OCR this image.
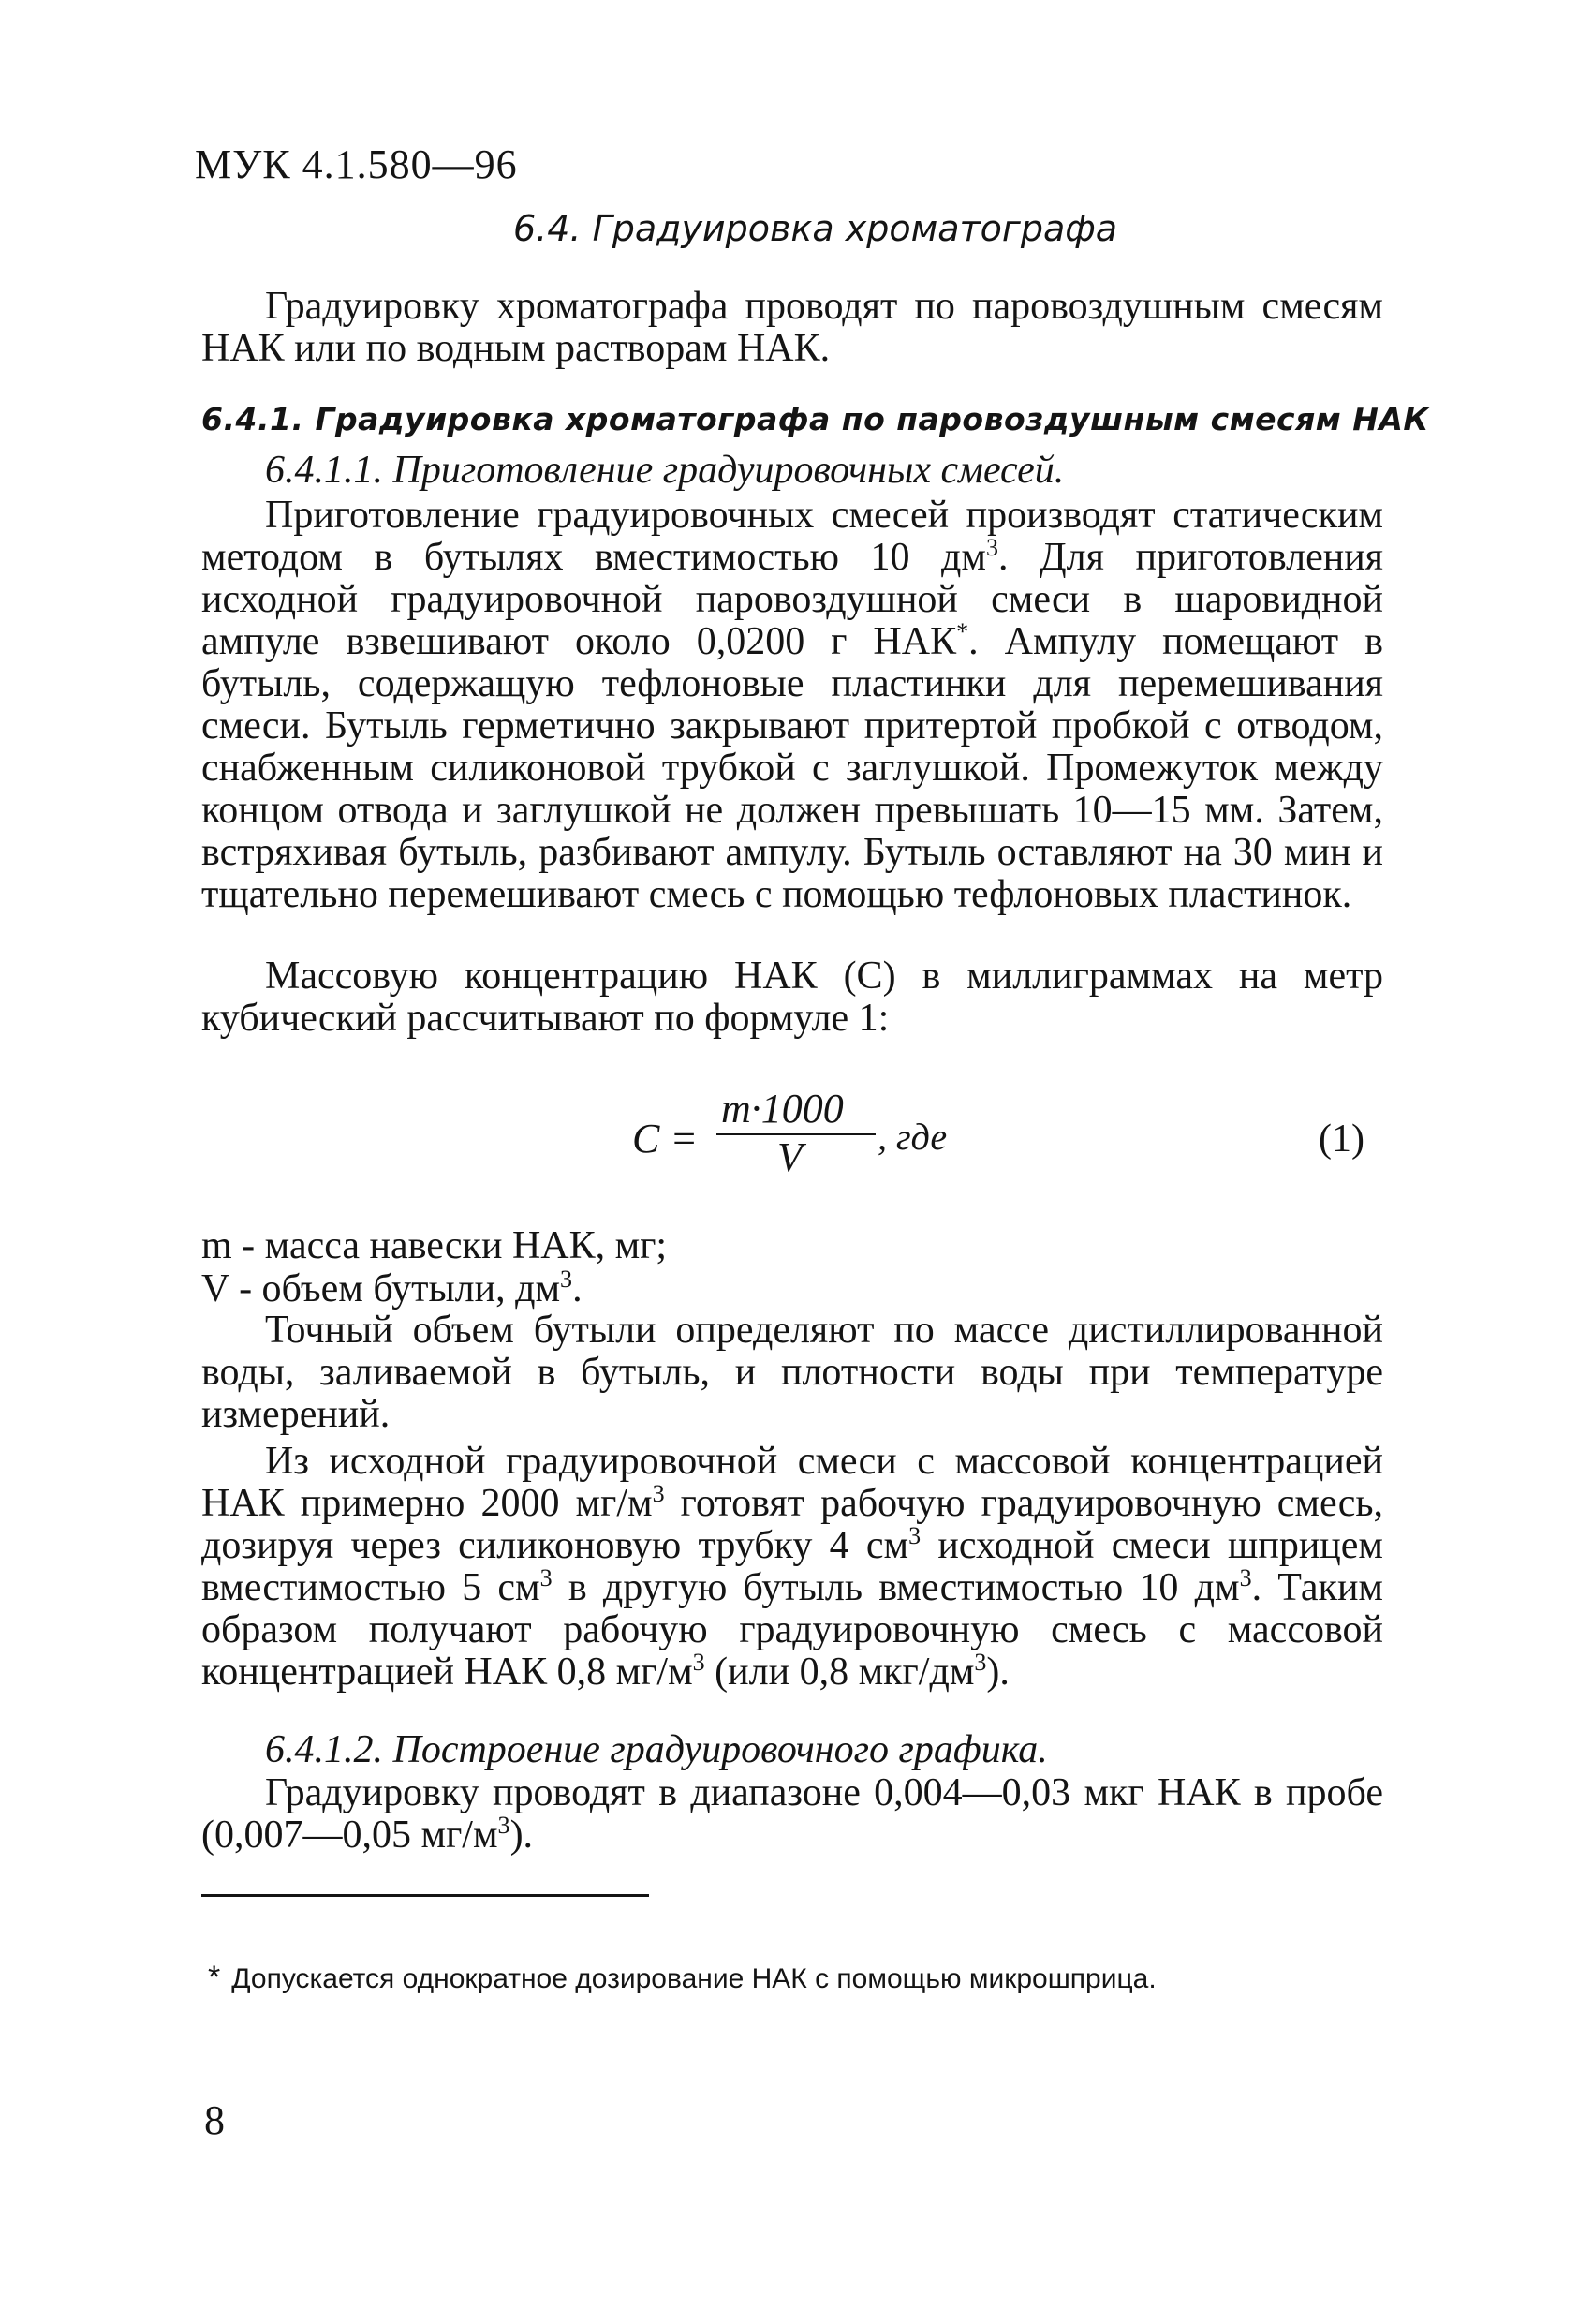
МУК 4.1.580—96
6.4. Градуировка хроматографа
Градуировку хроматографа проводят по паровоздушным смесям НАК или по водным растворам НАК.
6.4.1. Градуировка хроматографа по паровоздушным смесям НАК
6.4.1.1. Приготовление градуировочных смесей.
Приготовление градуировочных смесей производят статическим методом в бутылях вместимостью 10 $дм^3$. Для приготовления исходной градуировочной паровоздушной смеси в шаровидной ампуле взвешивают около 0,0200 г НАК*. Ампулу помещают в бутыль, содержащую тефлоновые пластинки для перемешивания смеси. Бутыль герметично закрывают притертой пробкой с отводом, снабженным силиконовой трубкой с заглушкой. Промежуток между концом отвода и заглушкой не должен превышать 10—15 мм. Затем, встряхивая бутыль, разбивают ампулу. Бутыль оставляют на 30 мин и тщательно перемешивают смесь с помощью тефлоновых пластинок.
Массовую концентрацию НАК (С) в миллиграммах на метр кубический рассчитывают по формуле 1:
C =
m·1000
V , где	(1)
m - масса навески НАК, мг;
V - объем бутыли, $дм^3$.
Точный объем бутыли определяют по массе дистиллированной воды, заливаемой в бутыль, и плотности воды при температуре измерений.
Из исходной градуировочной смеси с массовой концентрацией НАК примерно 2000 $мг/м^3$ готовят рабочую градуировочную смесь, дозируя через силиконовую трубку 4 $см^3$ исходной смеси шприцем вместимостью 5 $см^3$ в другую бутыль вместимостью 10 $дм^3$. Таким образом получают рабочую градуировочную смесь с массовой концентрацией НАК 0,8 $мг/м^3$ (или 0,8 мкг/$дм^3$).
6.4.1.2. Построение градуировочного графика.
Градуировку проводят в диапазоне 0,004—0,03 мкг НАК в пробе (0,007—0,05 $мг/м^3$).
* Допускается однократное дозирование НАК с помощью микрошприца.
8
